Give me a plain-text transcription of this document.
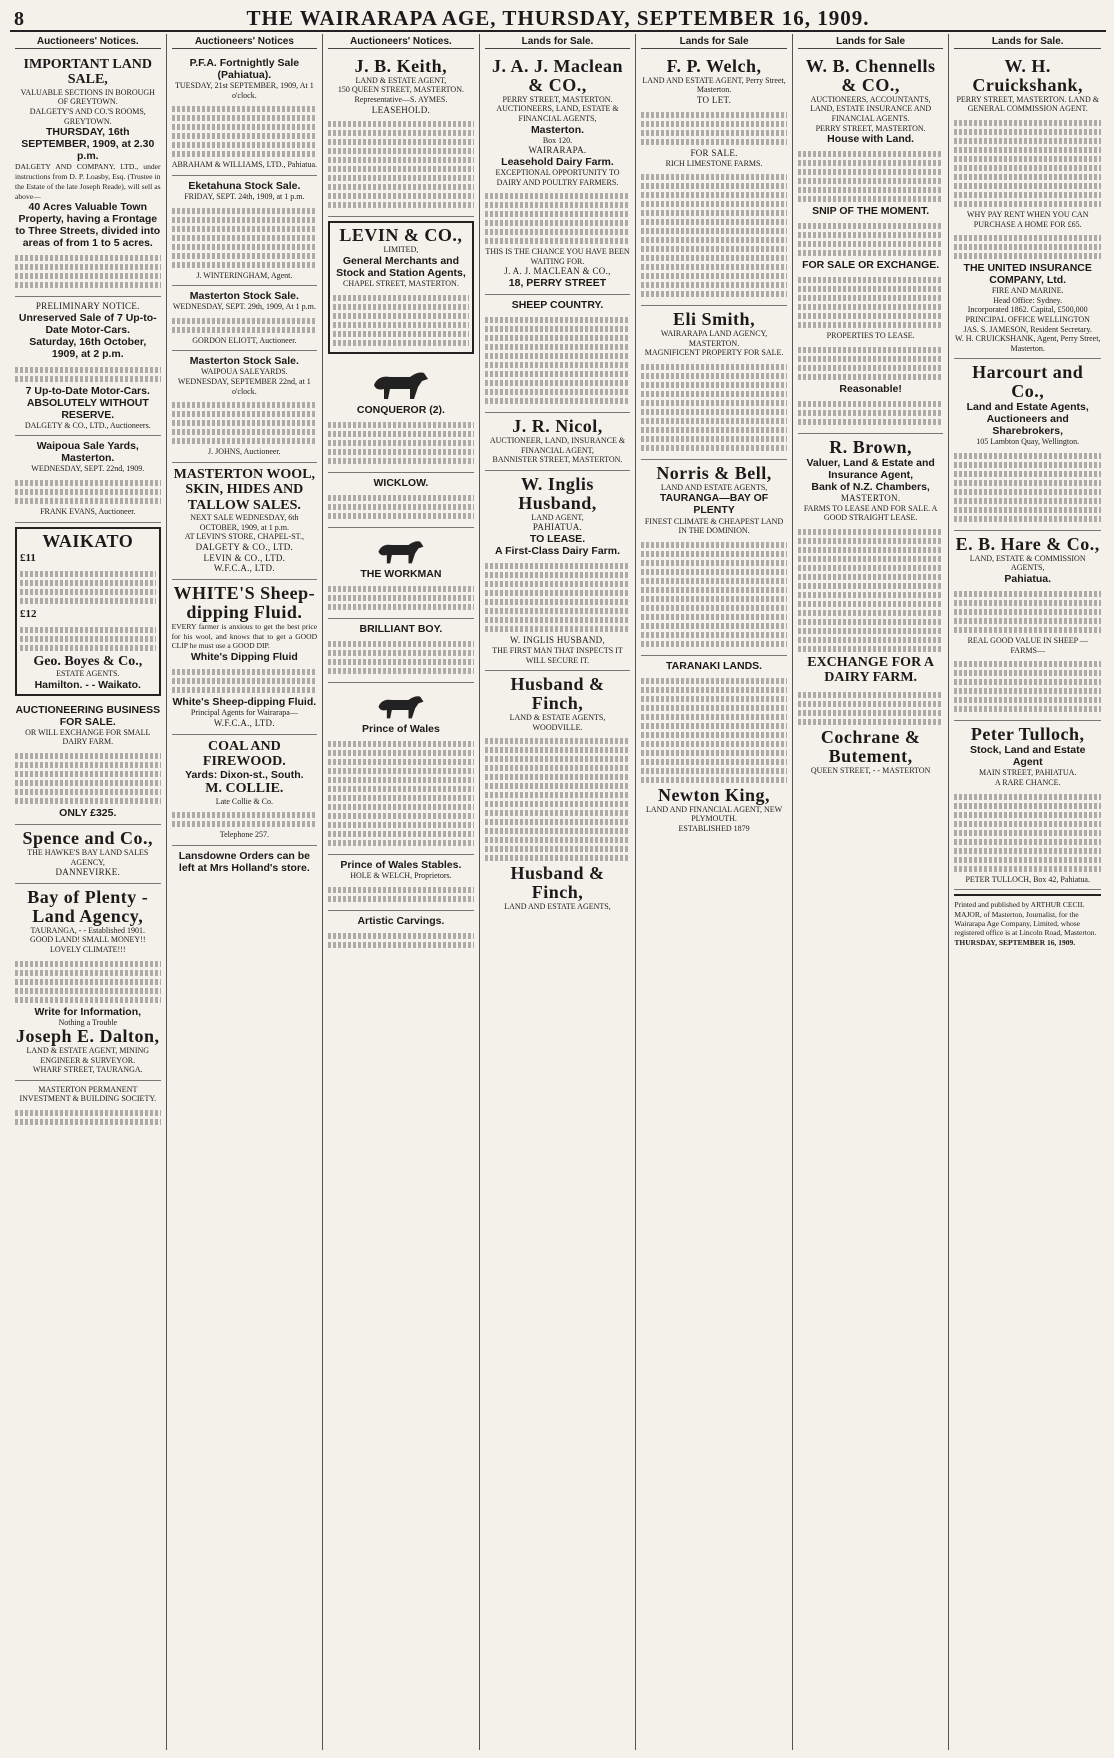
8	THE WAIRARAPA AGE, THURSDAY, SEPTEMBER 16, 1909.
Auctioneers' Notices.
IMPORTANT LAND SALE,
VALUABLE SECTIONS IN BOROUGH OF GREYTOWN.
DALGETY'S AND CO.'S ROOMS, GREYTOWN.
THURSDAY, 16th SEPTEMBER, 1909, at 2.30 p.m.
DALGETY AND COMPANY, LTD., under instructions from D. P. Loasby, Esq. (Trustee in the Estate of the late Joseph Reade), will sell as above—
40 Acres Valuable Town Property, having a Frontage to Three Streets, divided into areas of from 1 to 5 acres.
PRELIMINARY NOTICE.
Unreserved Sale of 7 Up-to-Date Motor-Cars.
Saturday, 16th October, 1909, at 2 p.m.
7 Up-to-Date Motor-Cars. ABSOLUTELY WITHOUT RESERVE.
DALGETY & CO., LTD., Auctioneers.
Waipoua Sale Yards, Masterton.
WEDNESDAY, SEPT. 22nd, 1909.
FRANK EVANS, Auctioneer.
WAIKATO
£11
£12
Geo. Boyes & Co.,
ESTATE AGENTS.
Hamilton. - - Waikato.
AUCTIONEERING BUSINESS FOR SALE.
OR WILL EXCHANGE FOR SMALL DAIRY FARM.
ONLY £325.
Spence and Co.,
THE HAWKE'S BAY LAND SALES AGENCY,
DANNEVIRKE.
Bay of Plenty - Land Agency,
TAURANGA, - - Established 1901.
GOOD LAND! SMALL MONEY!! LOVELY CLIMATE!!!
Write for Information,
Nothing a Trouble
Joseph E. Dalton,
LAND & ESTATE AGENT, MINING ENGINEER & SURVEYOR.
WHARF STREET, TAURANGA.
MASTERTON PERMANENT INVESTMENT & BUILDING SOCIETY.
Auctioneers' Notices
P.F.A. Fortnightly Sale (Pahiatua).
TUESDAY, 21st SEPTEMBER, 1909, At 1 o'clock.
ABRAHAM & WILLIAMS, LTD., Pahiatua.
Eketahuna Stock Sale.
FRIDAY, SEPT. 24th, 1909, at 1 p.m.
J. WINTERINGHAM, Agent.
Masterton Stock Sale.
WEDNESDAY, SEPT. 29th, 1909, At 1 p.m.
GORDON ELIOTT, Auctioneer.
Masterton Stock Sale.
WAIPOUA SALEYARDS.
WEDNESDAY, SEPTEMBER 22nd, at 1 o'clock.
J. JOHNS, Auctioneer.
MASTERTON WOOL, SKIN, HIDES AND TALLOW SALES.
NEXT SALE WEDNESDAY, 6th OCTOBER, 1909, at 1 p.m.
AT LEVIN'S STORE, CHAPEL-ST.,
DALGETY & CO., LTD.
LEVIN & CO., LTD.
W.F.C.A., LTD.
WHITE'S Sheep-dipping Fluid.
EVERY farmer is anxious to get the best price for his wool, and knows that to get a GOOD CLIP he must use a GOOD DIP.
White's Dipping Fluid
White's Sheep-dipping Fluid.
Principal Agents for Wairarapa—
W.F.C.A., LTD.
COAL AND FIREWOOD.
Yards: Dixon-st., South.
M. COLLIE.
Late Collie & Co.
Telephone 257.
Lansdowne Orders can be left at Mrs Holland's store.
Auctioneers' Notices.
J. B. Keith,
LAND & ESTATE AGENT,
150 QUEEN STREET, MASTERTON.
Representative—S. AYMES.
LEASEHOLD.
LEVIN & CO.,
LIMITED,
General Merchants and Stock and Station Agents,
CHAPEL STREET, MASTERTON.
CONQUEROR (2).
WICKLOW.
THE WORKMAN
BRILLIANT BOY.
Prince of Wales
Prince of Wales Stables.
HOLE & WELCH, Proprietors.
Artistic Carvings.
Lands for Sale.
J. A. J. Maclean & CO.,
PERRY STREET, MASTERTON.
AUCTIONEERS, LAND, ESTATE & FINANCIAL AGENTS,
Masterton.
Box 120.
WAIRARAPA.
Leasehold Dairy Farm.
EXCEPTIONAL OPPORTUNITY TO DAIRY AND POULTRY FARMERS.
THIS IS THE CHANCE YOU HAVE BEEN WAITING FOR.
J. A. J. MACLEAN & CO.,
18, PERRY STREET
SHEEP COUNTRY.
J. R. Nicol,
AUCTIONEER, LAND, INSURANCE & FINANCIAL AGENT,
BANNISTER STREET, MASTERTON.
W. Inglis Husband,
LAND AGENT,
PAHIATUA.
TO LEASE.
A First-Class Dairy Farm.
W. INGLIS HUSBAND,
THE FIRST MAN THAT INSPECTS IT WILL SECURE IT.
Husband & Finch,
LAND & ESTATE AGENTS, WOODVILLE.
Husband & Finch,
LAND AND ESTATE AGENTS,
Lands for Sale
F. P. Welch,
LAND AND ESTATE AGENT, Perry Street, Masterton.
TO LET.
FOR SALE.
RICH LIMESTONE FARMS.
Eli Smith,
WAIRARAPA LAND AGENCY, MASTERTON.
MAGNIFICENT PROPERTY FOR SALE.
Norris & Bell,
LAND AND ESTATE AGENTS,
TAURANGA—BAY OF PLENTY
FINEST CLIMATE & CHEAPEST LAND IN THE DOMINION.
TARANAKI LANDS.
Newton King,
LAND AND FINANCIAL AGENT, NEW PLYMOUTH.
ESTABLISHED 1879
Lands for Sale
W. B. Chennells & CO.,
AUCTIONEERS, ACCOUNTANTS, LAND, ESTATE INSURANCE AND FINANCIAL AGENTS.
PERRY STREET, MASTERTON.
House with Land.
SNIP OF THE MOMENT.
FOR SALE OR EXCHANGE.
PROPERTIES TO LEASE.
Reasonable!
R. Brown,
Valuer, Land & Estate and Insurance Agent,
Bank of N.Z. Chambers,
MASTERTON.
FARMS TO LEASE AND FOR SALE. A GOOD STRAIGHT LEASE.
EXCHANGE FOR A DAIRY FARM.
Cochrane & Butement,
QUEEN STREET, - - MASTERTON
Lands for Sale.
W. H. Cruickshank,
PERRY STREET, MASTERTON. LAND & GENERAL COMMISSION AGENT.
WHY PAY RENT WHEN YOU CAN PURCHASE A HOME FOR £65.
THE UNITED INSURANCE COMPANY, Ltd.
FIRE AND MARINE.
Head Office: Sydney.
Incorporated 1862. Capital, £500,000
PRINCIPAL OFFICE WELLINGTON
JAS. S. JAMESON, Resident Secretary.
W. H. CRUICKSHANK, Agent, Perry Street, Masterton.
Harcourt and Co.,
Land and Estate Agents, Auctioneers and Sharebrokers,
105 Lambton Quay, Wellington.
E. B. Hare & Co.,
LAND, ESTATE & COMMISSION AGENTS,
Pahiatua.
REAL GOOD VALUE IN SHEEP —FARMS—
Peter Tulloch,
Stock, Land and Estate Agent
MAIN STREET, PAHIATUA.
A RARE CHANCE.
PETER TULLOCH, Box 42, Pahiatua.
Printed and published by ARTHUR CECIL MAJOR, of Masterton, Journalist, for the Wairarapa Age Company, Limited, whose registered office is at Lincoln Road, Masterton.
THURSDAY, SEPTEMBER 16, 1909.
